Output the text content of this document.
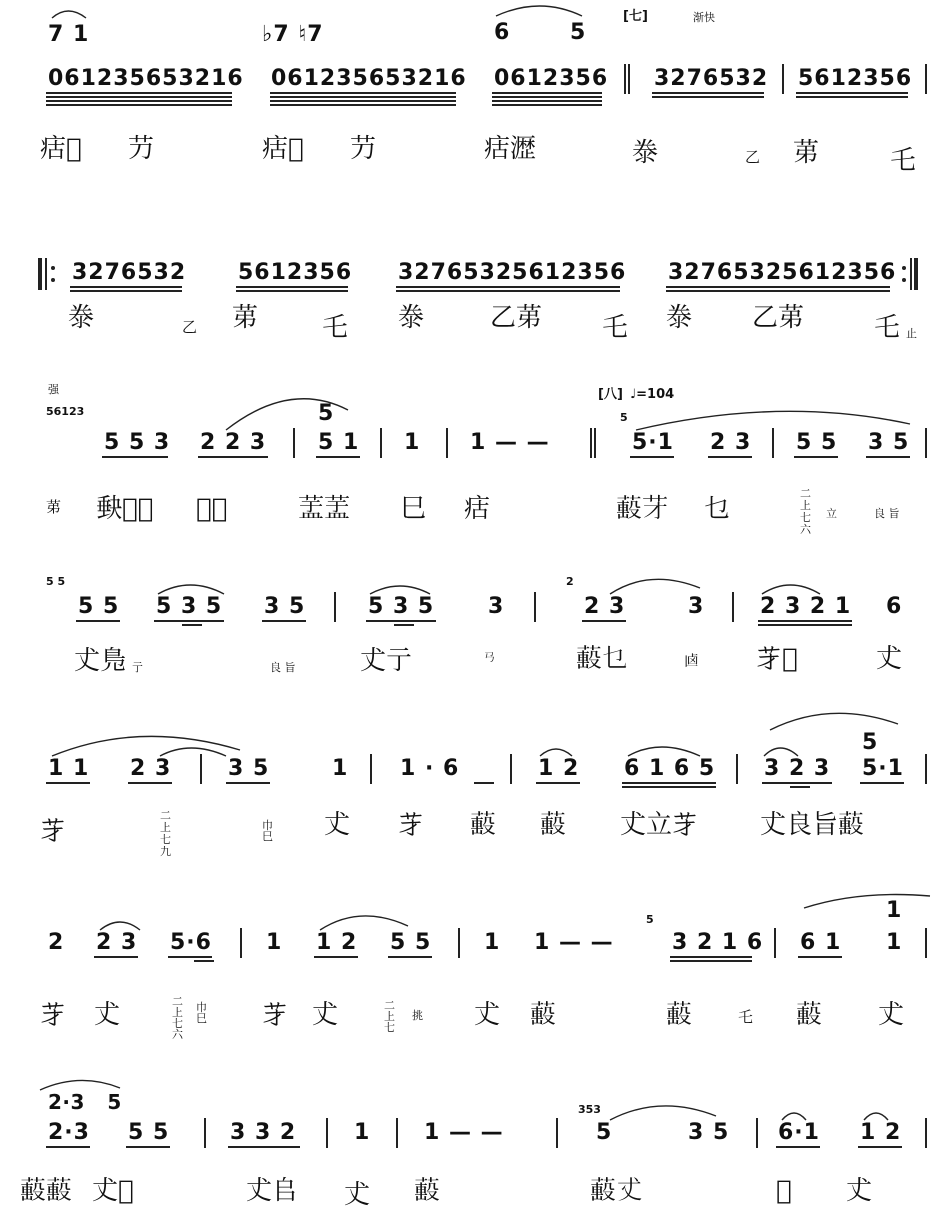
7 1	♭7 ♮7	6	5
[七]	渐快
061235653216 061235653216 0612356 3276532 5612356
㽽𤀍 芀	㽽𤀍 芀	㽽𤁋	𣳾	乙 苐	乇
3276532 5612356 32765325612356 32765325612356
𣳾	乙 苐 乇 𣳾	乙苐 乇 𣳾 乙苐	乇 止
强
56123
[八] ♩=104
5
5 5 3 2 2 3 5 1 1 1 — —
5
5·1 2 3 5 5 3 5
苐 𡙇𠝱𠝱 𠝱𤀍	𦱃𦱃 巳 㽽	𦼷𦬁 乜
二上七六
立	良 旨
5 5	2
5 5 5 3 5 3 5	5 3 5 3	2 3	3	2 3 2 1 6
𠀋𠒎 亍	良 旨 𠀋亍	𢎘	𦼷乜	𠧟 𦬁𠚢	𠀋
5
1 1 2 3	3 5	1 1 · 6	1 2 6 1 6 5 3 2 3 5·1
𦬁
二上七九
巾巳 𠀋 𦬁 𦼷 𦼷 𠀋立𦬁 𠀋良旨𦼷
1
5
2 2 3 5·6 1 1 2 5 5 1 1 — —	3 2 1 6 6 1 1
𦬁 𠀋	二上七六
巾巳 𦬁 𠀋	二上七
挑 𠀋 𦼷	𦼷	乇 𦼷 𠀋
2·3   5	353
2·3 5 5	3 3 2	1 1 — —	5	3 5 6·1 1 2
𦼷𦼷 𠀋𠝱	𠀋𠂤 𠀋 𦼷	𦼷𠀋	𠝱 𠀋
